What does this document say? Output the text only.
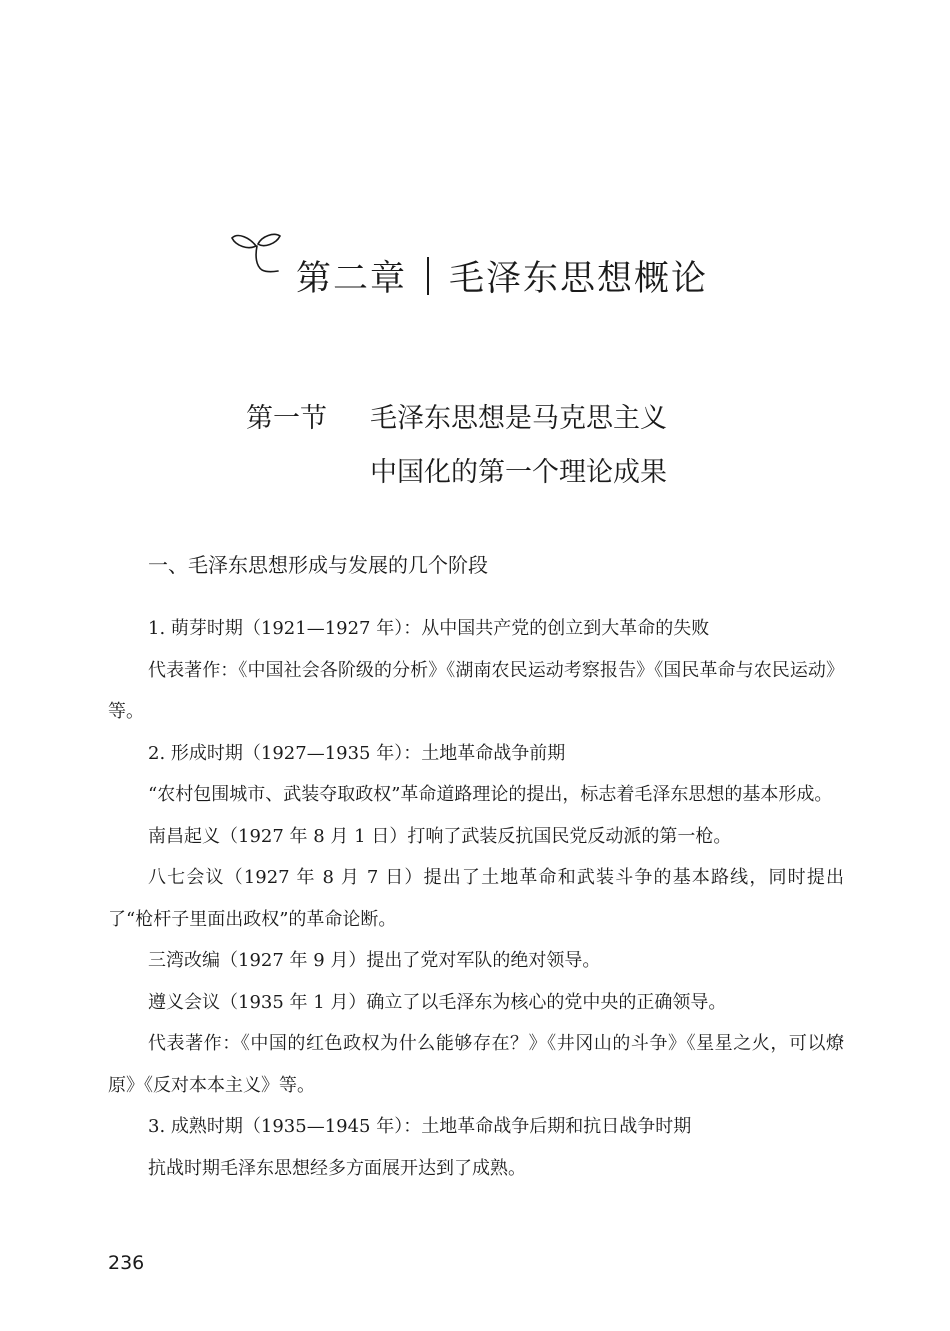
第二章 毛泽东思想概论
第一节 毛泽东思想是马克思主义
中国化的第一个理论成果
一、毛泽东思想形成与发展的几个阶段

1. 萌芽时期（1921—1927 年）：从中国共产党的创立到大革命的失败

代表著作：《中国社会各阶级的分析》《湖南农民运动考察报告》《国民革命与农民运动》等。

2. 形成时期（1927—1935 年）：土地革命战争前期

“农村包围城市、武装夺取政权”革命道路理论的提出，标志着毛泽东思想的基本形成。

南昌起义（1927 年 8 月 1 日）打响了武装反抗国民党反动派的第一枪。

八七会议（1927 年 8 月 7 日）提出了土地革命和武装斗争的基本路线，同时提出了“枪杆子里面出政权”的革命论断。

三湾改编（1927 年 9 月）提出了党对军队的绝对领导。

遵义会议（1935 年 1 月）确立了以毛泽东为核心的党中央的正确领导。

代表著作：《中国的红色政权为什么能够存在？》《井冈山的斗争》《星星之火，可以燎原》《反对本本主义》等。

3. 成熟时期（1935—1945 年）：土地革命战争后期和抗日战争时期

抗战时期毛泽东思想经多方面展开达到了成熟。

236
